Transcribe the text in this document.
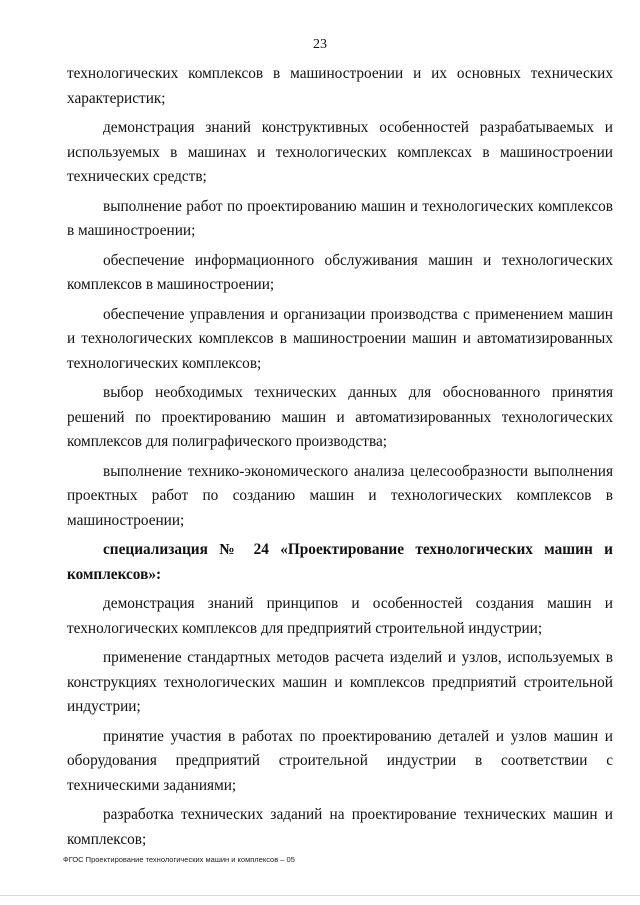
23

технологических комплексов в машиностроении и их основных технических характеристик;

демонстрация знаний конструктивных особенностей разрабатываемых и используемых в машинах и технологических комплексах в машиностроении технических средств;

выполнение работ по проектированию машин и технологических комплексов в машиностроении;

обеспечение информационного обслуживания машин и технологических комплексов в машиностроении;

обеспечение управления и организации производства с применением машин и технологических комплексов в машиностроении машин и автоматизированных технологических комплексов;

выбор необходимых технических данных для обоснованного принятия решений по проектированию машин и автоматизированных технологических комплексов для полиграфического производства;

выполнение технико-экономического анализа целесообразности выполнения проектных работ по созданию машин и технологических комплексов в машиностроении;

специализация № 24 «Проектирование технологических машин и комплексов»:

демонстрация знаний принципов и особенностей создания машин и технологических комплексов для предприятий строительной индустрии;

применение стандартных методов расчета изделий и узлов, используемых в конструкциях технологических машин и комплексов предприятий строительной индустрии;

принятие участия в работах по проектированию деталей и узлов машин и оборудования предприятий строительной индустрии в соответствии с техническими заданиями;

разработка технических заданий на проектирование технических машин и комплексов;

ФГОС Проектирование технологических машин и комплексов – 05
